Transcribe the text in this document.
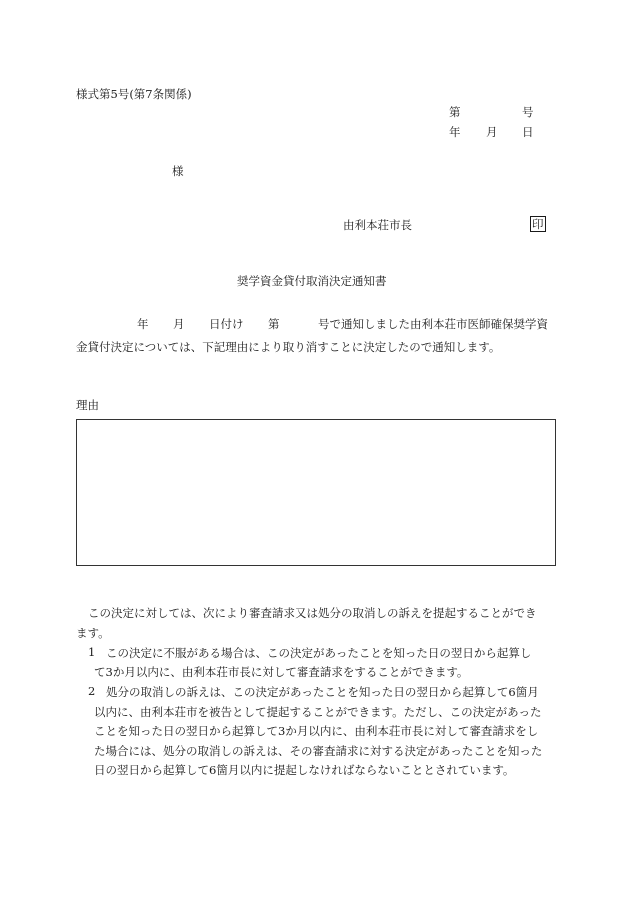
様式第5号(第7条関係)
第	号
年 月 日
様
由利本荘市長	印
奨学資金貸付取消決定通知書
年 月 日付け 第	号で通知しました由利本荘市医師確保奨学資
金貸付決定については、下記理由により取り消すことに決定したので通知します。
理由
この決定に対しては、次により審査請求又は処分の取消しの訴えを提起することができ
ます。
1 この決定に不服がある場合は、この決定があったことを知った日の翌日から起算し
て3か月以内に、由利本荘市長に対して審査請求をすることができます。
2 処分の取消しの訴えは、この決定があったことを知った日の翌日から起算して6箇月
以内に、由利本荘市を被告として提起することができます。ただし、この決定があった
ことを知った日の翌日から起算して3か月以内に、由利本荘市長に対して審査請求をし
た場合には、処分の取消しの訴えは、その審査請求に対する決定があったことを知った
日の翌日から起算して6箇月以内に提起しなければならないこととされています。
